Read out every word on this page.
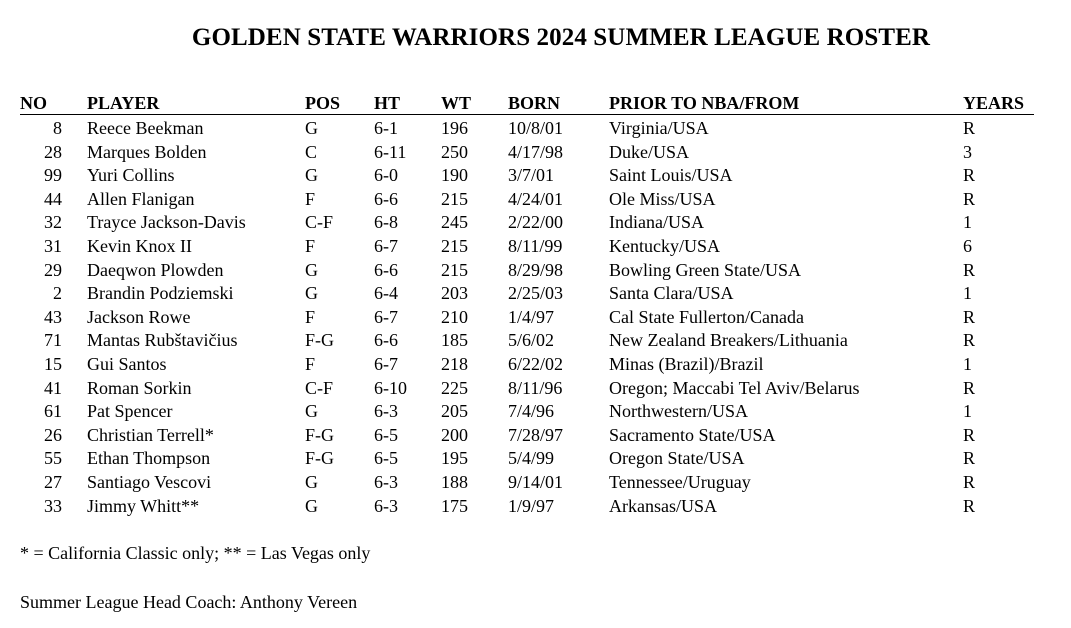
GOLDEN STATE WARRIORS 2024 SUMMER LEAGUE ROSTER
NO PLAYER	POS HT WT BORN	PRIOR TO NBA/FROM	YEARS
8 Reece Beekman	G	6-1 196 10/8/01	Virginia/USA	R
28 Marques Bolden	C	6-11 250 4/17/98	Duke/USA	3
99 Yuri Collins	G	6-0 190 3/7/01	Saint Louis/USA	R
44 Allen Flanigan	F	6-6 215 4/24/01	Ole Miss/USA	R
32 Trayce Jackson-Davis	C-F 6-8 245 2/22/00	Indiana/USA	1
31 Kevin Knox II	F	6-7 215 8/11/99	Kentucky/USA	6
29 Daeqwon Plowden	G	6-6 215 8/29/98	Bowling Green State/USA	R
2 Brandin Podziemski	G	6-4 203 2/25/03	Santa Clara/USA	1
43 Jackson Rowe	F	6-7 210 1/4/97	Cal State Fullerton/Canada	R
71 Mantas Rubštavičius	F-G 6-6 185 5/6/02	New Zealand Breakers/Lithuania	R
15 Gui Santos	F	6-7 218 6/22/02	Minas (Brazil)/Brazil	1
41 Roman Sorkin	C-F 6-10 225 8/11/96	Oregon; Maccabi Tel Aviv/Belarus	R
61 Pat Spencer	G	6-3 205 7/4/96	Northwestern/USA	1
26 Christian Terrell*	F-G 6-5 200 7/28/97	Sacramento State/USA	R
55 Ethan Thompson	F-G 6-5 195 5/4/99	Oregon State/USA	R
27 Santiago Vescovi	G	6-3 188 9/14/01	Tennessee/Uruguay	R
33 Jimmy Whitt**	G	6-3 175 1/9/97	Arkansas/USA	R
* = California Classic only; ** = Las Vegas only
Summer League Head Coach: Anthony Vereen
